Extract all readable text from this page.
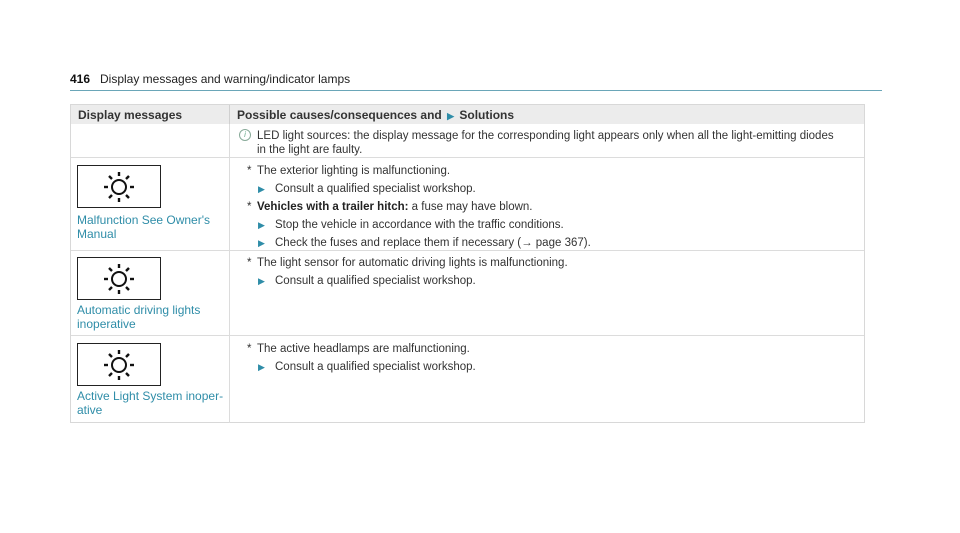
416 Display messages and warning/indicator lamps
Display messages	Possible causes/consequences and ▶ Solutions
i LED light sources: the display message for the corresponding light appears only when all the light-emitting diodes
in the light are faulty.
Malfunction See Owner's
Manual
* The exterior lighting is malfunctioning.
▶ Consult a qualified specialist workshop.
* Vehicles with a trailer hitch: a fuse may have blown.
▶ Stop the vehicle in accordance with the traffic conditions.
▶ Check the fuses and replace them if necessary (→ page 367).
Automatic driving lights
inoperative
* The light sensor for automatic driving lights is malfunctioning.
▶ Consult a qualified specialist workshop.
Active Light System inoper-
ative
* The active headlamps are malfunctioning.
▶ Consult a qualified specialist workshop.
